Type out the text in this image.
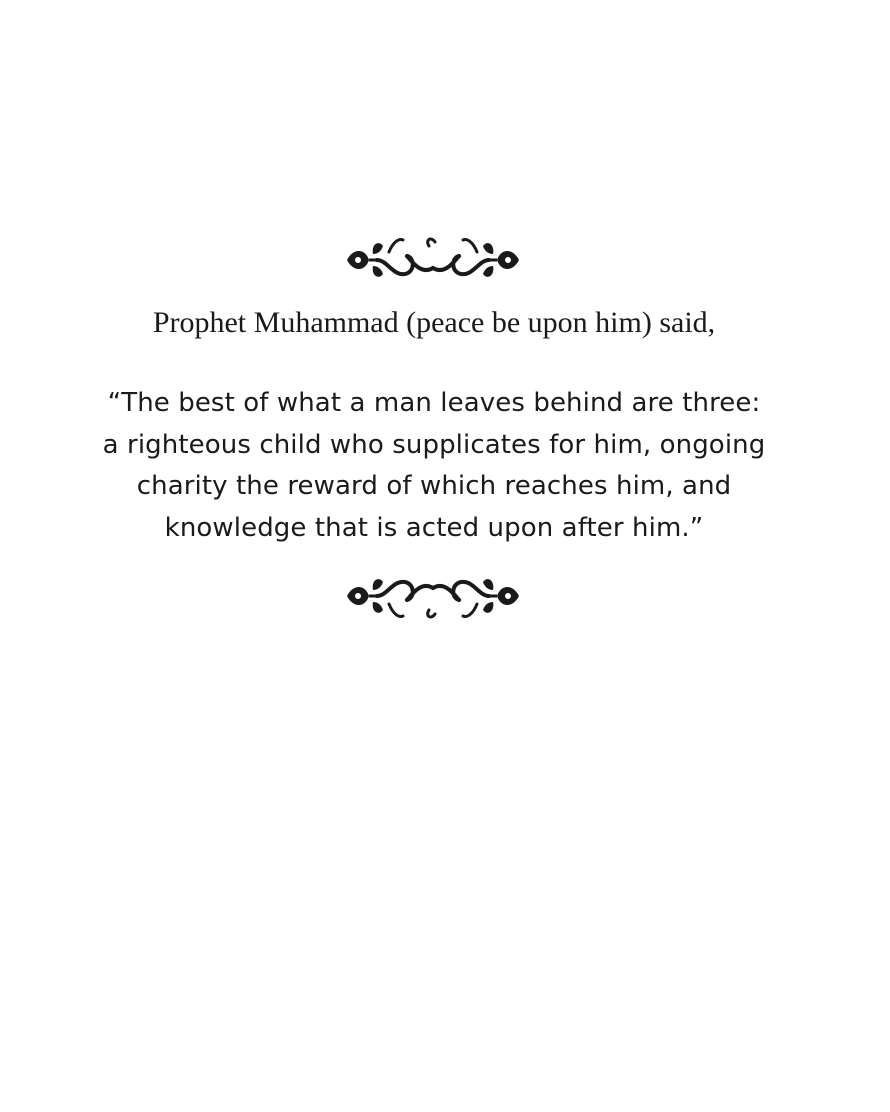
Prophet Muhammad (peace be upon him) said,
“The best of what a man leaves behind are three:
a righteous child who supplicates for him, ongoing
charity the reward of which reaches him, and
knowledge that is acted upon after him.”
